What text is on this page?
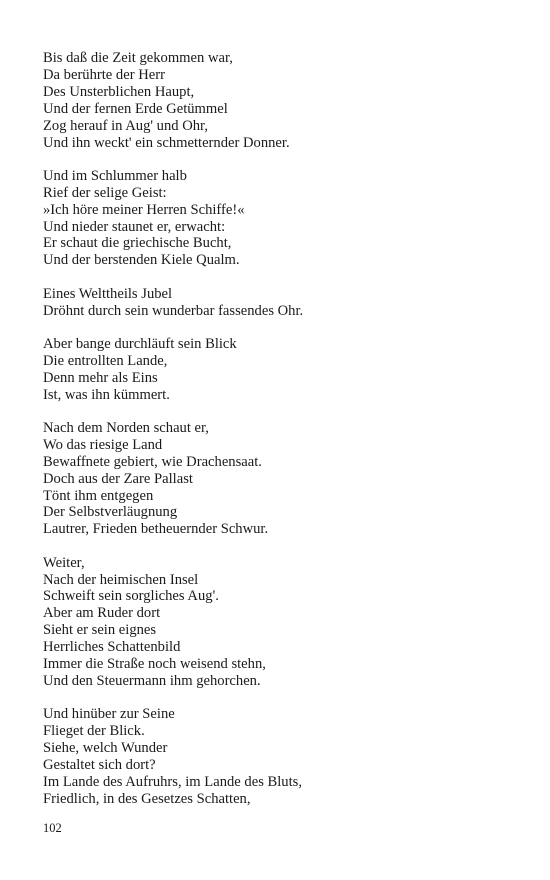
Bis daß die Zeit gekommen war,
Da berührte der Herr
Des Unsterblichen Haupt,
Und der fernen Erde Getümmel
Zog herauf in Aug' und Ohr,
Und ihn weckt' ein schmetternder Donner.
Und im Schlummer halb
Rief der selige Geist:
»Ich höre meiner Herren Schiffe!«
Und nieder staunet er, erwacht:
Er schaut die griechische Bucht,
Und der berstenden Kiele Qualm.
Eines Welttheils Jubel
Dröhnt durch sein wunderbar fassendes Ohr.
Aber bange durchläuft sein Blick
Die entrollten Lande,
Denn mehr als Eins
Ist, was ihn kümmert.
Nach dem Norden schaut er,
Wo das riesige Land
Bewaffnete gebiert, wie Drachensaat.
Doch aus der Zare Pallast
Tönt ihm entgegen
Der Selbstverläugnung
Lautrer, Frieden betheuernder Schwur.
Weiter,
Nach der heimischen Insel
Schweift sein sorgliches Aug'.
Aber am Ruder dort
Sieht er sein eignes
Herrliches Schattenbild
Immer die Straße noch weisend stehn,
Und den Steuermann ihm gehorchen.
Und hinüber zur Seine
Flieget der Blick.
Siehe, welch Wunder
Gestaltet sich dort?
Im Lande des Aufruhrs, im Lande des Bluts,
Friedlich, in des Gesetzes Schatten,
102
